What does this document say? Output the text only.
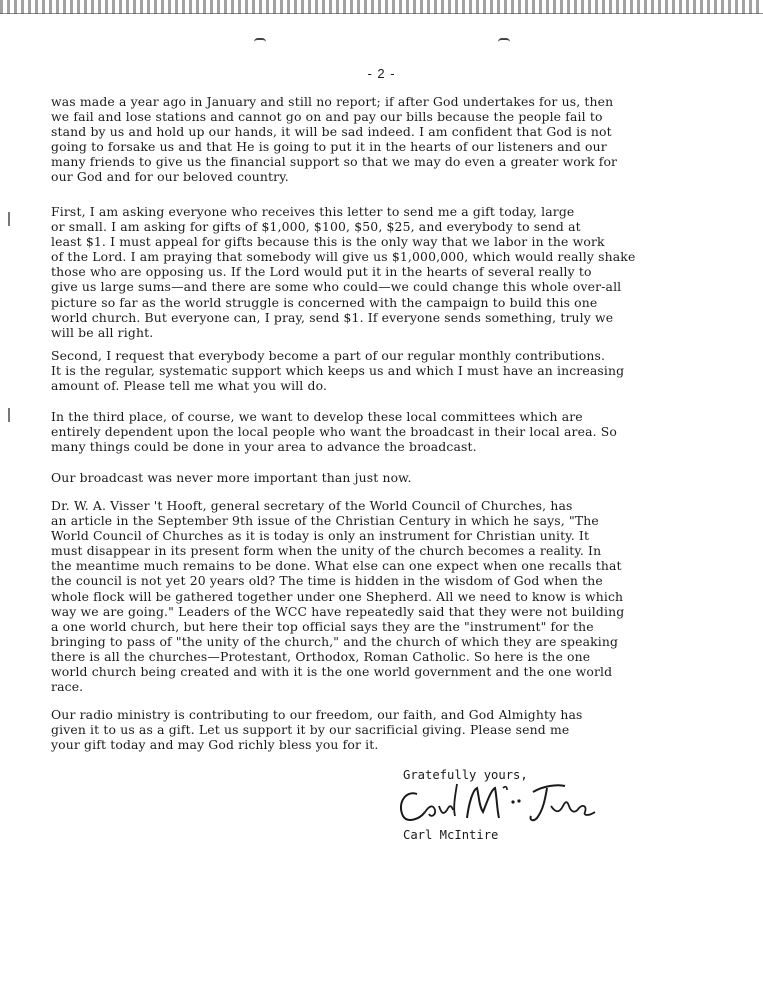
- 2 -

was made a year ago in January and still no report; if after God undertakes for us, then
we fail and lose stations and cannot go on and pay our bills because the people fail to
stand by us and hold up our hands, it will be sad indeed. I am confident that God is not
going to forsake us and that He is going to put it in the hearts of our listeners and our
many friends to give us the financial support so that we may do even a greater work for
our God and for our beloved country.

First, I am asking everyone who receives this letter to send me a gift today, large
or small. I am asking for gifts of $1,000, $100, $50, $25, and everybody to send at
least $1. I must appeal for gifts because this is the only way that we labor in the work
of the Lord. I am praying that somebody will give us $1,000,000, which would really shake
those who are opposing us. If the Lord would put it in the hearts of several really to
give us large sums—and there are some who could—we could change this whole over-all
picture so far as the world struggle is concerned with the campaign to build this one
world church. But everyone can, I pray, send $1. If everyone sends something, truly we
will be all right.

Second, I request that everybody become a part of our regular monthly contributions.
It is the regular, systematic support which keeps us and which I must have an increasing
amount of. Please tell me what you will do.

In the third place, of course, we want to develop these local committees which are
entirely dependent upon the local people who want the broadcast in their local area. So
many things could be done in your area to advance the broadcast.

Our broadcast was never more important than just now.

Dr. W. A. Visser 't Hooft, general secretary of the World Council of Churches, has
an article in the September 9th issue of the Christian Century in which he says, "The
World Council of Churches as it is today is only an instrument for Christian unity. It
must disappear in its present form when the unity of the church becomes a reality. In
the meantime much remains to be done. What else can one expect when one recalls that
the council is not yet 20 years old? The time is hidden in the wisdom of God when the
whole flock will be gathered together under one Shepherd. All we need to know is which
way we are going." Leaders of the WCC have repeatedly said that they were not building
a one world church, but here their top official says they are the "instrument" for the
bringing to pass of "the unity of the church," and the church of which they are speaking
there is all the churches—Protestant, Orthodox, Roman Catholic. So here is the one
world church being created and with it is the one world government and the one world
race.

Our radio ministry is contributing to our freedom, our faith, and God Almighty has
given it to us as a gift. Let us support it by our sacrificial giving. Please send me
your gift today and may God richly bless you for it.

Gratefully yours,

Carl McIntire
